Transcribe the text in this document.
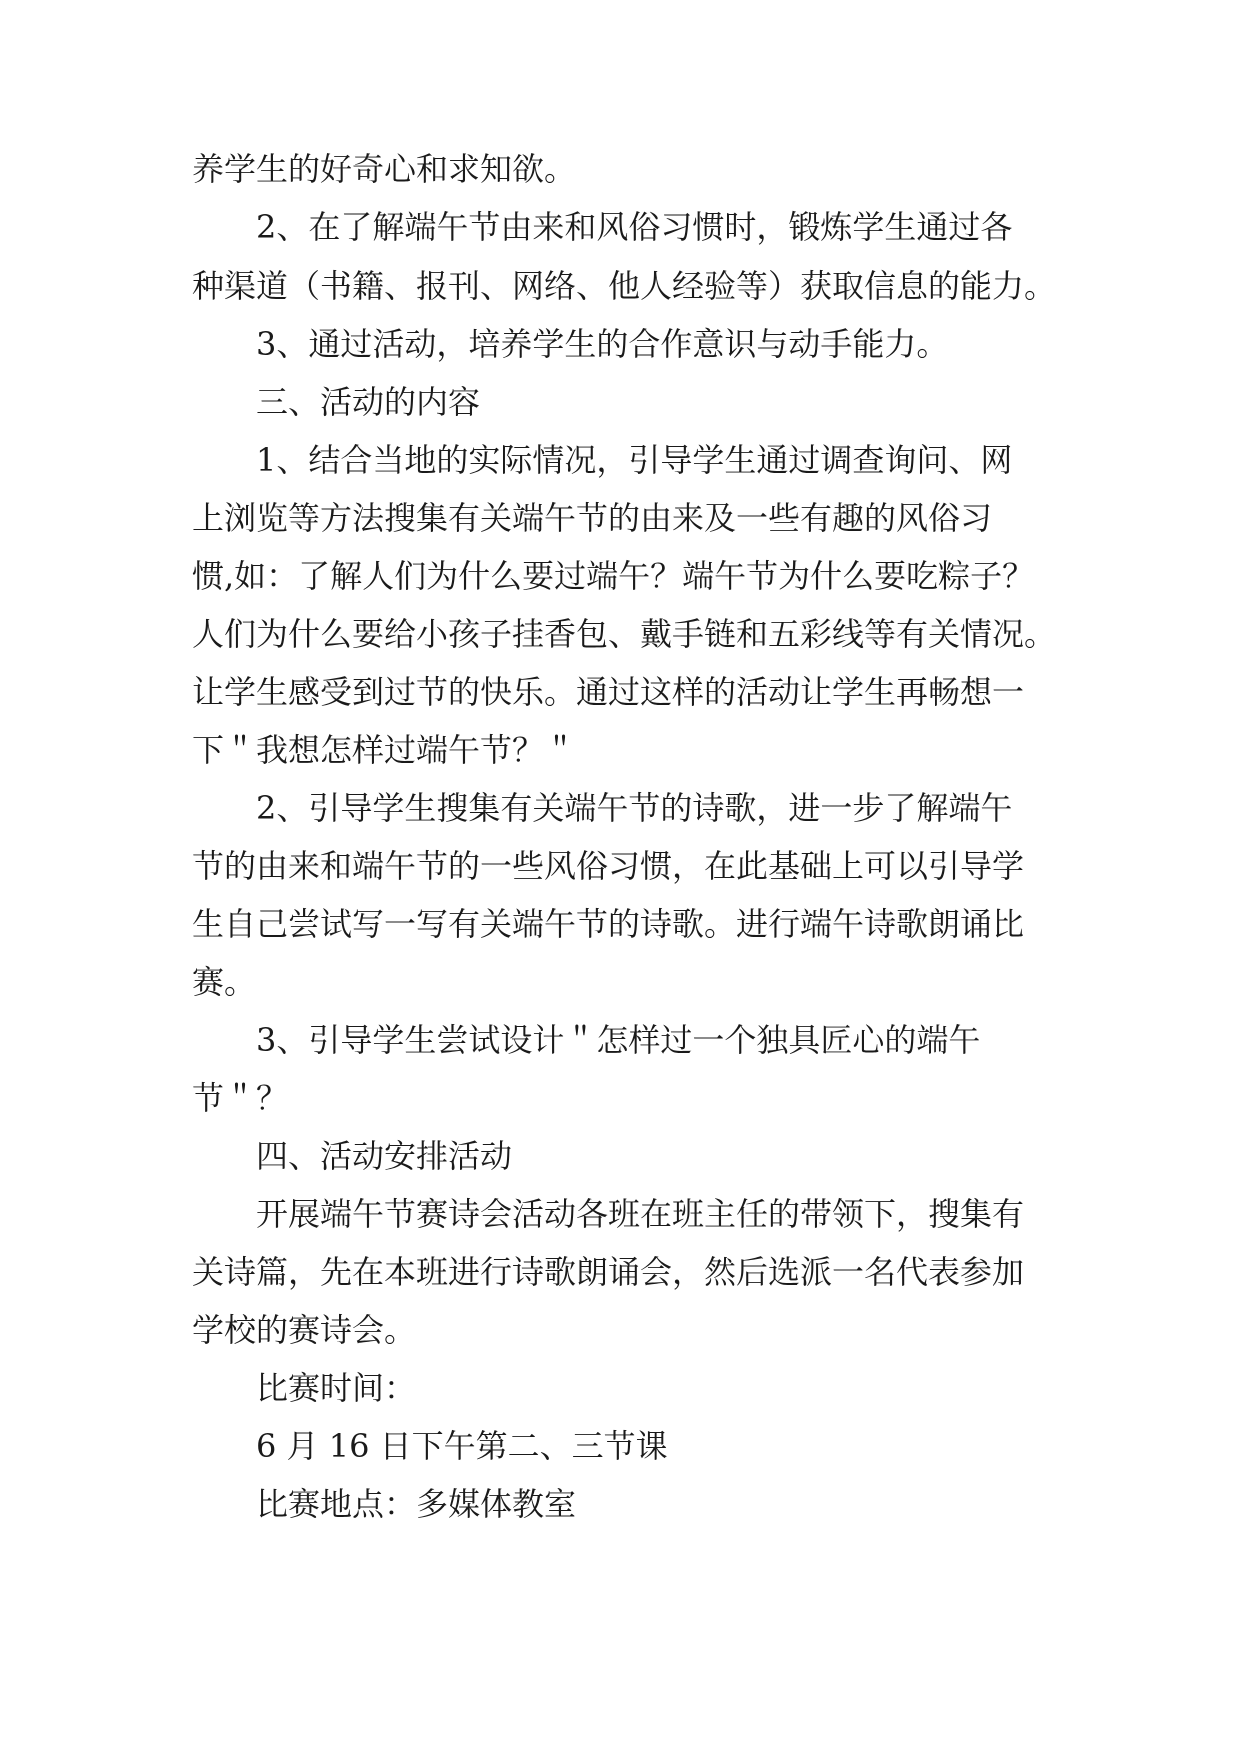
养学生的好奇心和求知欲。
2、在了解端午节由来和风俗习惯时，锻炼学生通过各
种渠道（书籍、报刊、网络、他人经验等）获取信息的能力。
3、通过活动，培养学生的合作意识与动手能力。
三、活动的内容
1、结合当地的实际情况，引导学生通过调查询问、网
上浏览等方法搜集有关端午节的由来及一些有趣的风俗习
惯,如：了解人们为什么要过端午？端午节为什么要吃粽子？
人们为什么要给小孩子挂香包、戴手链和五彩线等有关情况。
让学生感受到过节的快乐。通过这样的活动让学生再畅想一
下＂我想怎样过端午节？＂
2、引导学生搜集有关端午节的诗歌，进一步了解端午
节的由来和端午节的一些风俗习惯，在此基础上可以引导学
生自己尝试写一写有关端午节的诗歌。进行端午诗歌朗诵比
赛。
3、引导学生尝试设计＂怎样过一个独具匠心的端午
节＂？
四、活动安排活动
开展端午节赛诗会活动各班在班主任的带领下，搜集有
关诗篇，先在本班进行诗歌朗诵会，然后选派一名代表参加
学校的赛诗会。
比赛时间：
6 月 16 日下午第二、三节课
比赛地点：多媒体教室
